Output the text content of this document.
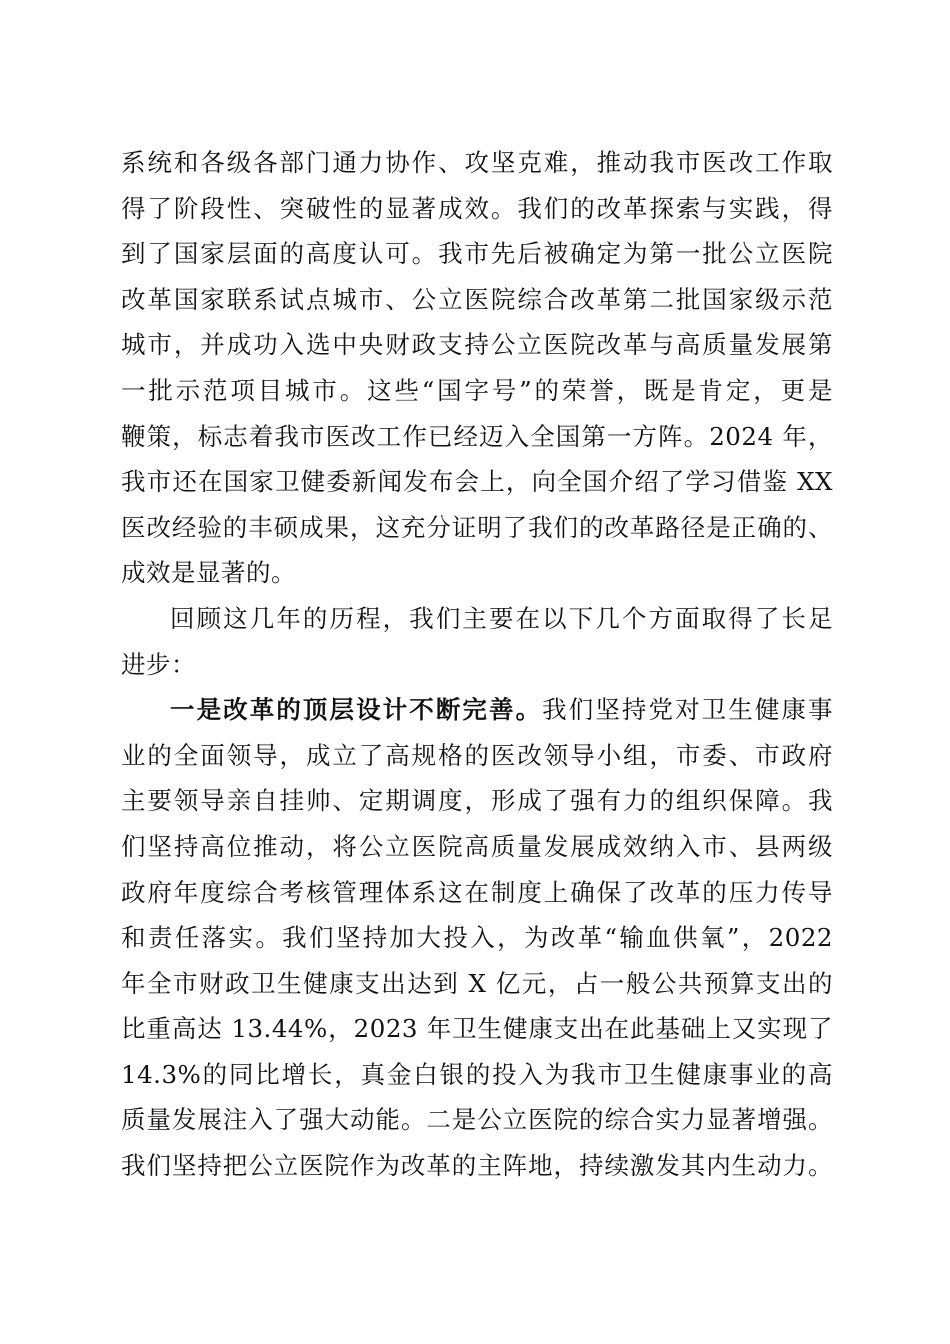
系统和各级各部门通力协作、攻坚克难，推动我市医改工作取
得了阶段性、突破性的显著成效。我们的改革探索与实践，得
到了国家层面的高度认可。我市先后被确定为第一批公立医院
改革国家联系试点城市、公立医院综合改革第二批国家级示范
城市，并成功入选中央财政支持公立医院改革与高质量发展第
一批示范项目城市。这些“国字号”的荣誉，既是肯定，更是
鞭策，标志着我市医改工作已经迈入全国第一方阵。2024 年，
我市还在国家卫健委新闻发布会上，向全国介绍了学习借鉴 XX
医改经验的丰硕成果，这充分证明了我们的改革路径是正确的、
成效是显著的。
回顾这几年的历程，我们主要在以下几个方面取得了长足
进步：
一是改革的顶层设计不断完善。我们坚持党对卫生健康事
业的全面领导，成立了高规格的医改领导小组，市委、市政府
主要领导亲自挂帅、定期调度，形成了强有力的组织保障。我
们坚持高位推动，将公立医院高质量发展成效纳入市、县两级
政府年度综合考核管理体系这在制度上确保了改革的压力传导
和责任落实。我们坚持加大投入，为改革“输血供氧”，2022
年全市财政卫生健康支出达到 X 亿元，占一般公共预算支出的
比重高达 13.44%，2023 年卫生健康支出在此基础上又实现了
14.3%的同比增长，真金白银的投入为我市卫生健康事业的高
质量发展注入了强大动能。二是公立医院的综合实力显著增强。
我们坚持把公立医院作为改革的主阵地，持续激发其内生动力。
